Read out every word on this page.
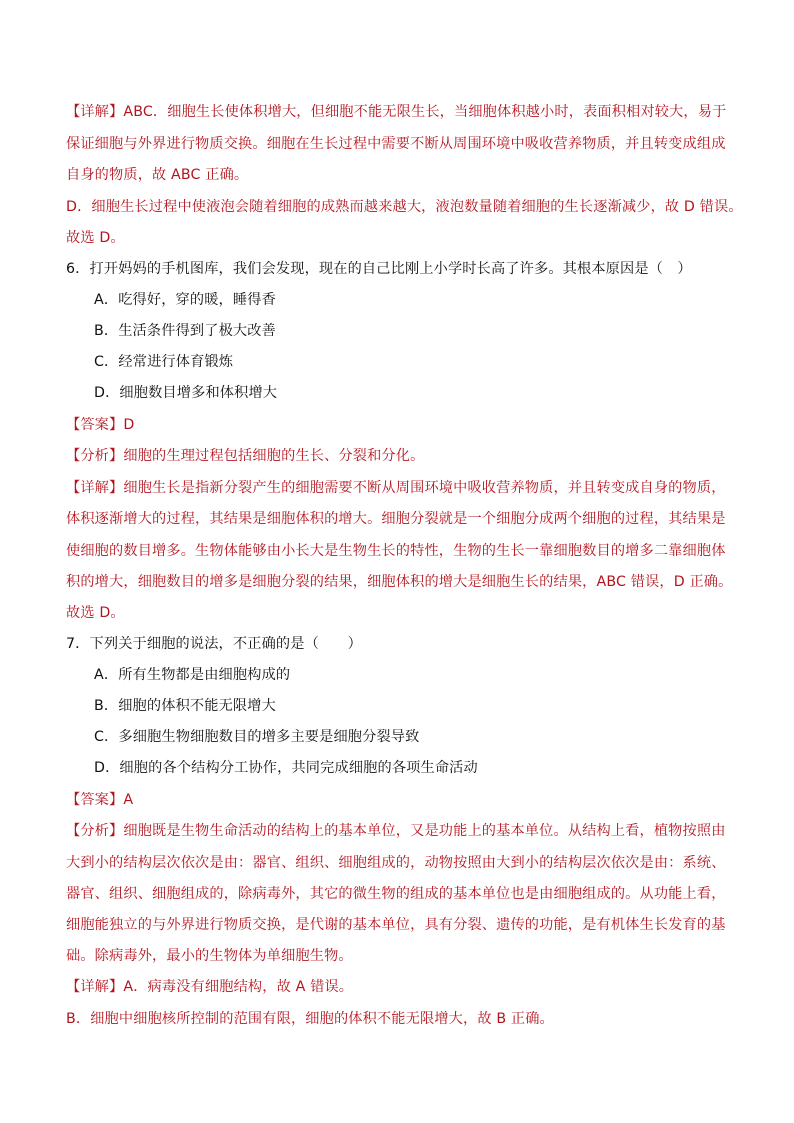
【详解】ABC．细胞生长使体积增大，但细胞不能无限生长，当细胞体积越小时，表面积相对较大，易于
保证细胞与外界进行物质交换。细胞在生长过程中需要不断从周围环境中吸收营养物质，并且转变成组成
自身的物质，故 ABC 正确。
D．细胞生长过程中使液泡会随着细胞的成熟而越来越大，液泡数量随着细胞的生长逐渐减少，故 D 错误。
故选 D。
6．打开妈妈的手机图库，我们会发现，现在的自己比刚上小学时长高了许多。其根本原因是（　）
A．吃得好，穿的暖，睡得香
B．生活条件得到了极大改善
C．经常进行体育锻炼
D．细胞数目增多和体积增大
【答案】D
【分析】细胞的生理过程包括细胞的生长、分裂和分化。
【详解】细胞生长是指新分裂产生的细胞需要不断从周围环境中吸收营养物质，并且转变成自身的物质，
体积逐渐增大的过程，其结果是细胞体积的增大。细胞分裂就是一个细胞分成两个细胞的过程，其结果是
使细胞的数目增多。生物体能够由小长大是生物生长的特性，生物的生长一靠细胞数目的增多二靠细胞体
积的增大，细胞数目的增多是细胞分裂的结果，细胞体积的增大是细胞生长的结果，ABC 错误，D 正确。
故选 D。
7．下列关于细胞的说法，不正确的是（　　）
A．所有生物都是由细胞构成的
B．细胞的体积不能无限增大
C．多细胞生物细胞数目的增多主要是细胞分裂导致
D．细胞的各个结构分工协作，共同完成细胞的各项生命活动
【答案】A
【分析】细胞既是生物生命活动的结构上的基本单位，又是功能上的基本单位。从结构上看，植物按照由
大到小的结构层次依次是由：器官、组织、细胞组成的，动物按照由大到小的结构层次依次是由：系统、
器官、组织、细胞组成的，除病毒外，其它的微生物的组成的基本单位也是由细胞组成的。从功能上看，
细胞能独立的与外界进行物质交换，是代谢的基本单位，具有分裂、遗传的功能，是有机体生长发育的基
础。除病毒外，最小的生物体为单细胞生物。
【详解】A．病毒没有细胞结构，故 A 错误。
B．细胞中细胞核所控制的范围有限，细胞的体积不能无限增大，故 B 正确。
